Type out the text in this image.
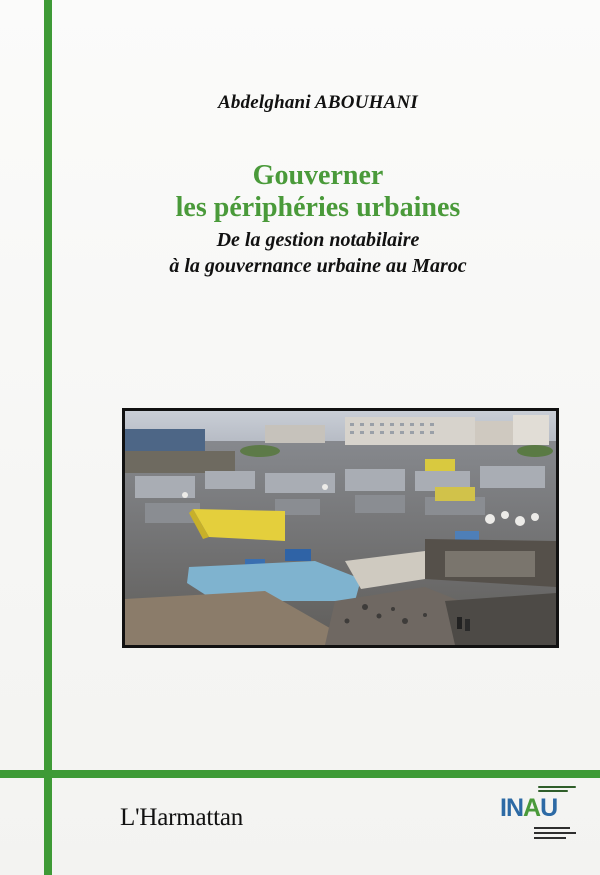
Abdelghani ABOUHANI
Gouverner
les périphéries urbaines
De la gestion notabilaire
à la gouvernance urbaine au Maroc
L'Harmattan	INAU
